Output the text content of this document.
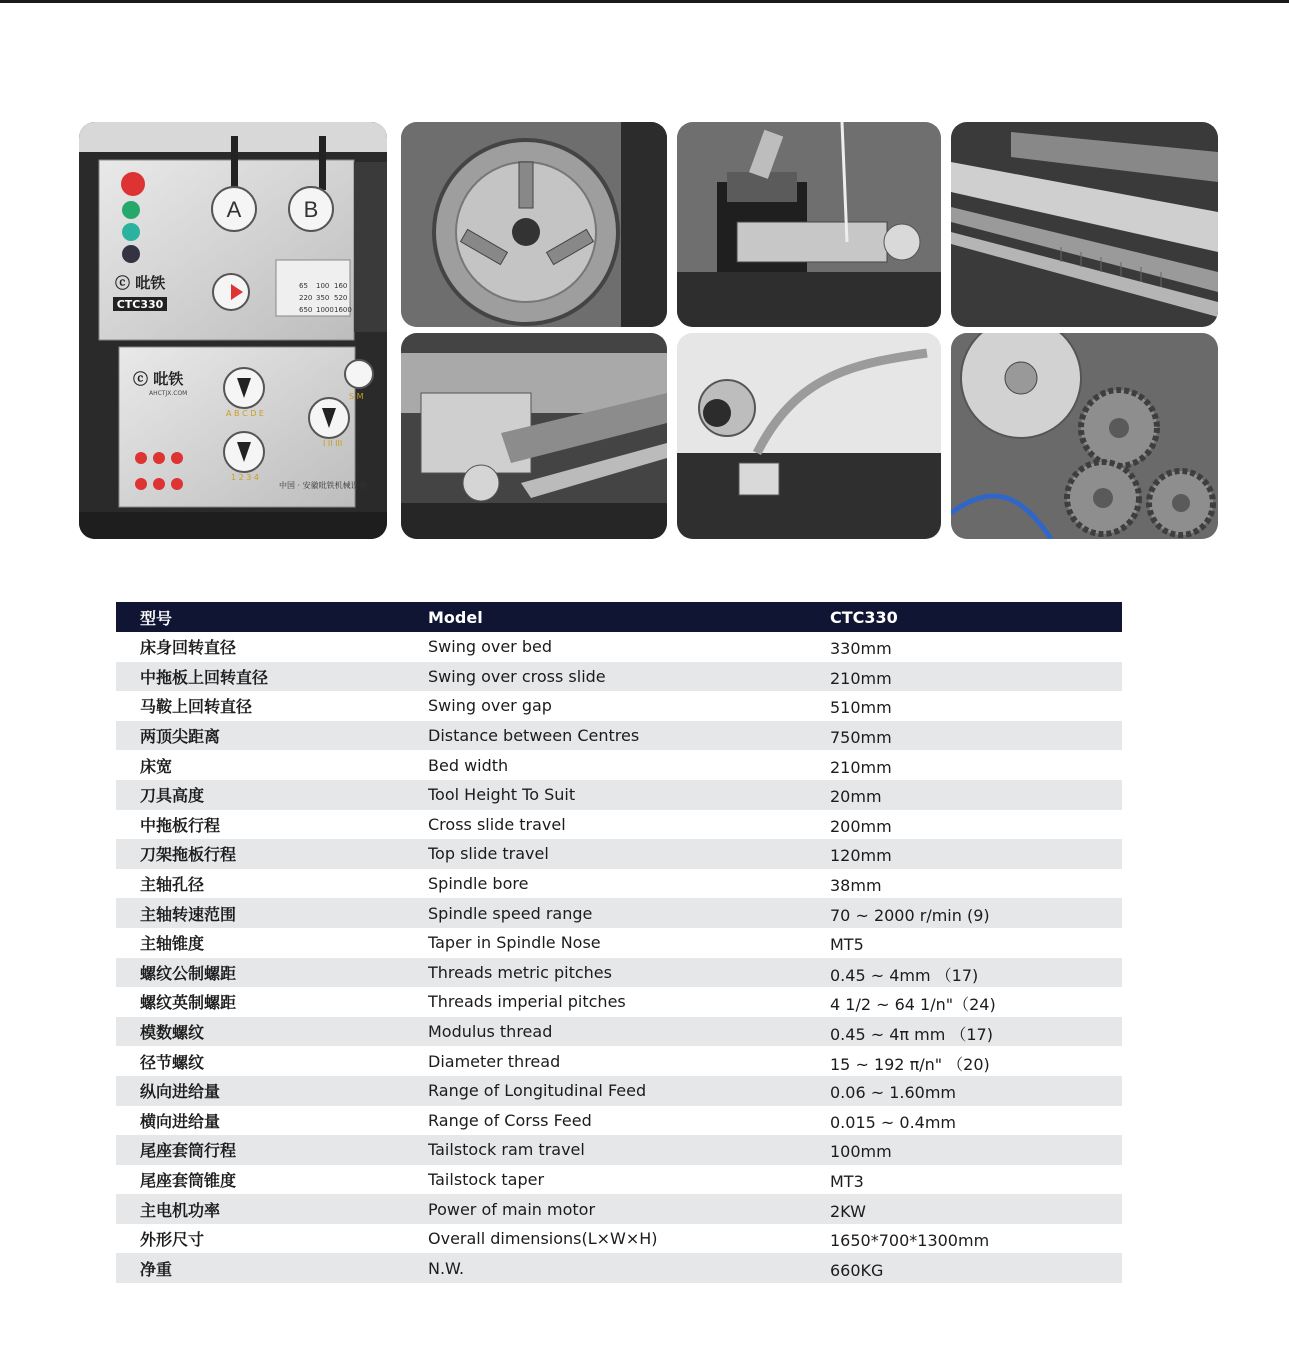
A	B
ⓒ 吡铁
CTC330
65 100 160
220 350 520
650 1000 1600
ⓒ 吡铁
AHCTJX.COM
A B C D E
1 2 3 4
I II III
S M
中国 · 安徽吡铁机械设备
型号	Model	CTC330
床身回转直径	Swing over bed	330mm
中拖板上回转直径	Swing over cross slide	210mm
马鞍上回转直径	Swing over gap	510mm
两顶尖距离	Distance between Centres	750mm
床宽	Bed width	210mm
刀具高度	Tool Height To Suit	20mm
中拖板行程	Cross slide travel	200mm
刀架拖板行程	Top slide travel	120mm
主轴孔径	Spindle bore	38mm
主轴转速范围	Spindle speed range	70 ~ 2000 r/min (9)
主轴锥度	Taper in Spindle Nose	MT5
螺纹公制螺距	Threads metric pitches	0.45 ~ 4mm （17)
螺纹英制螺距	Threads imperial pitches	4 1/2 ~ 64 1/n"（24)
模数螺纹	Modulus thread	0.45 ~ 4π mm （17)
径节螺纹	Diameter thread	15 ~ 192 π/n" （20)
纵向进给量	Range of Longitudinal Feed	0.06 ~ 1.60mm
横向进给量	Range of Corss Feed	0.015 ~ 0.4mm
尾座套筒行程	Tailstock ram travel	100mm
尾座套筒锥度	Tailstock taper	MT3
主电机功率	Power of main motor	2KW
外形尺寸	Overall dimensions(L×W×H)	1650*700*1300mm
净重	N.W.	660KG
